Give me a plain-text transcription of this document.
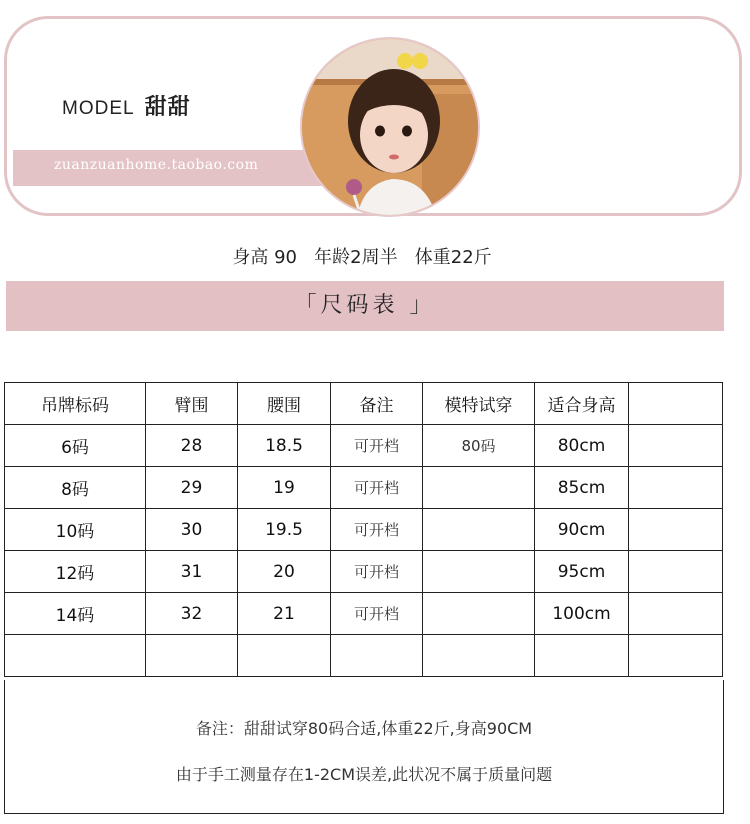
MODEL 甜甜
zuanzuanhome.taobao.com
身高 90   年龄2周半   体重22斤
「尺码表 」
吊牌标码	臂围	腰围	备注	模特试穿	适合身高	
6码	28	18.5	可开档	80码	80cm	
8码	29	19	可开档		85cm	
10码	30	19.5	可开档		90cm	
12码	31	20	可开档		95cm	
14码	32	21	可开档		100cm	

备注：甜甜试穿80码合适,体重22斤,身高90CM
由于手工测量存在1-2CM误差,此状况不属于质量问题
